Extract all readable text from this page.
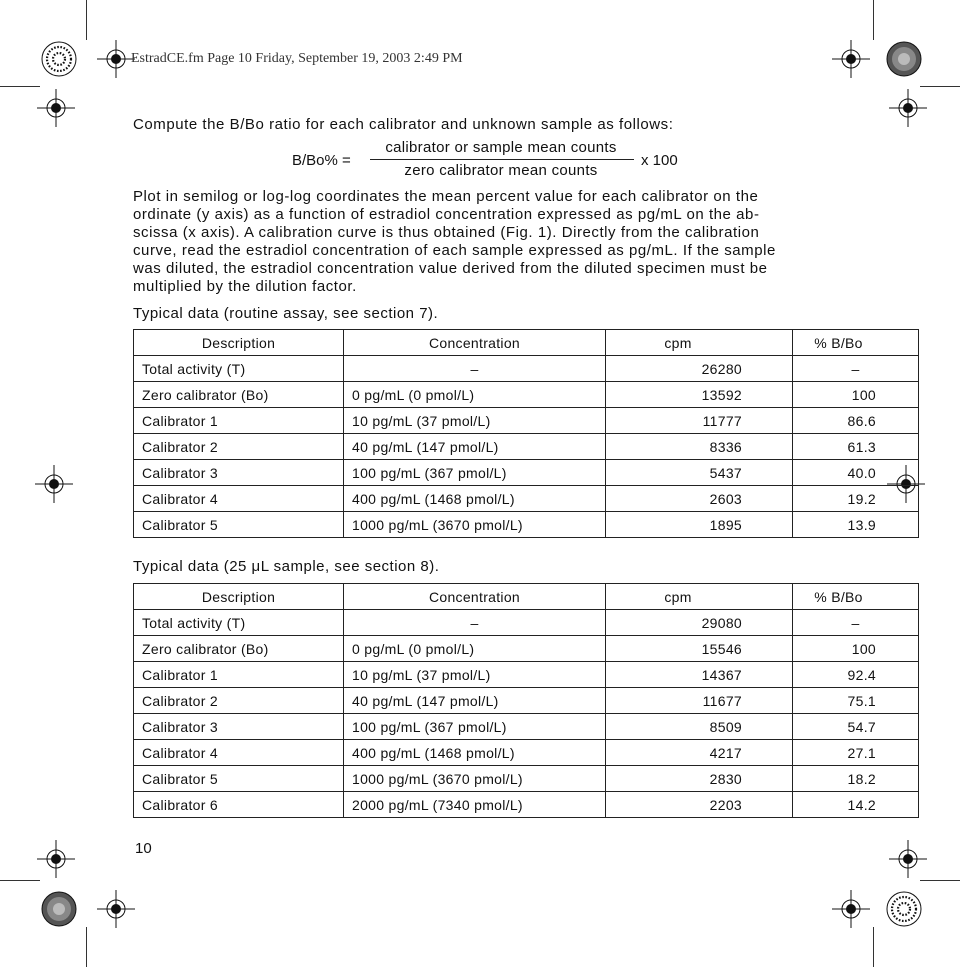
EstradCE.fm Page 10 Friday, September 19, 2003 2:49 PM
Compute the B/Bo ratio for each calibrator and unknown sample as follows:
B/Bo% =
calibrator or sample mean counts
zero calibrator mean counts
x 100
Plot in semilog or log-log coordinates the mean percent value for each calibrator on the
ordinate (y axis) as a function of estradiol concentration expressed as pg/mL on the ab-
scissa (x axis). A calibration curve is thus obtained (Fig. 1). Directly from the calibration
curve, read the estradiol concentration of each sample expressed as pg/mL. If the sample
was diluted, the estradiol concentration value derived from the diluted specimen must be
multiplied by the dilution factor.
Typical data (routine assay, see section 7).
Description	Concentration	cpm	% B/Bo
Total activity (T)	–	26280	–
Zero calibrator (Bo)	0 pg/mL (0 pmol/L)	13592	100
Calibrator 1	10 pg/mL (37 pmol/L)	11777	86.6
Calibrator 2	40 pg/mL (147 pmol/L)	8336	61.3
Calibrator 3	100 pg/mL (367 pmol/L)	5437	40.0
Calibrator 4	400 pg/mL (1468 pmol/L)	2603	19.2
Calibrator 5	1000 pg/mL (3670 pmol/L)	1895	13.9
Typical data (25 μL sample, see section 8).
Description	Concentration	cpm	% B/Bo
Total activity (T)	–	29080	–
Zero calibrator (Bo)	0 pg/mL (0 pmol/L)	15546	100
Calibrator 1	10 pg/mL (37 pmol/L)	14367	92.4
Calibrator 2	40 pg/mL (147 pmol/L)	11677	75.1
Calibrator 3	100 pg/mL (367 pmol/L)	8509	54.7
Calibrator 4	400 pg/mL (1468 pmol/L)	4217	27.1
Calibrator 5	1000 pg/mL (3670 pmol/L)	2830	18.2
Calibrator 6	2000 pg/mL (7340 pmol/L)	2203	14.2
10
